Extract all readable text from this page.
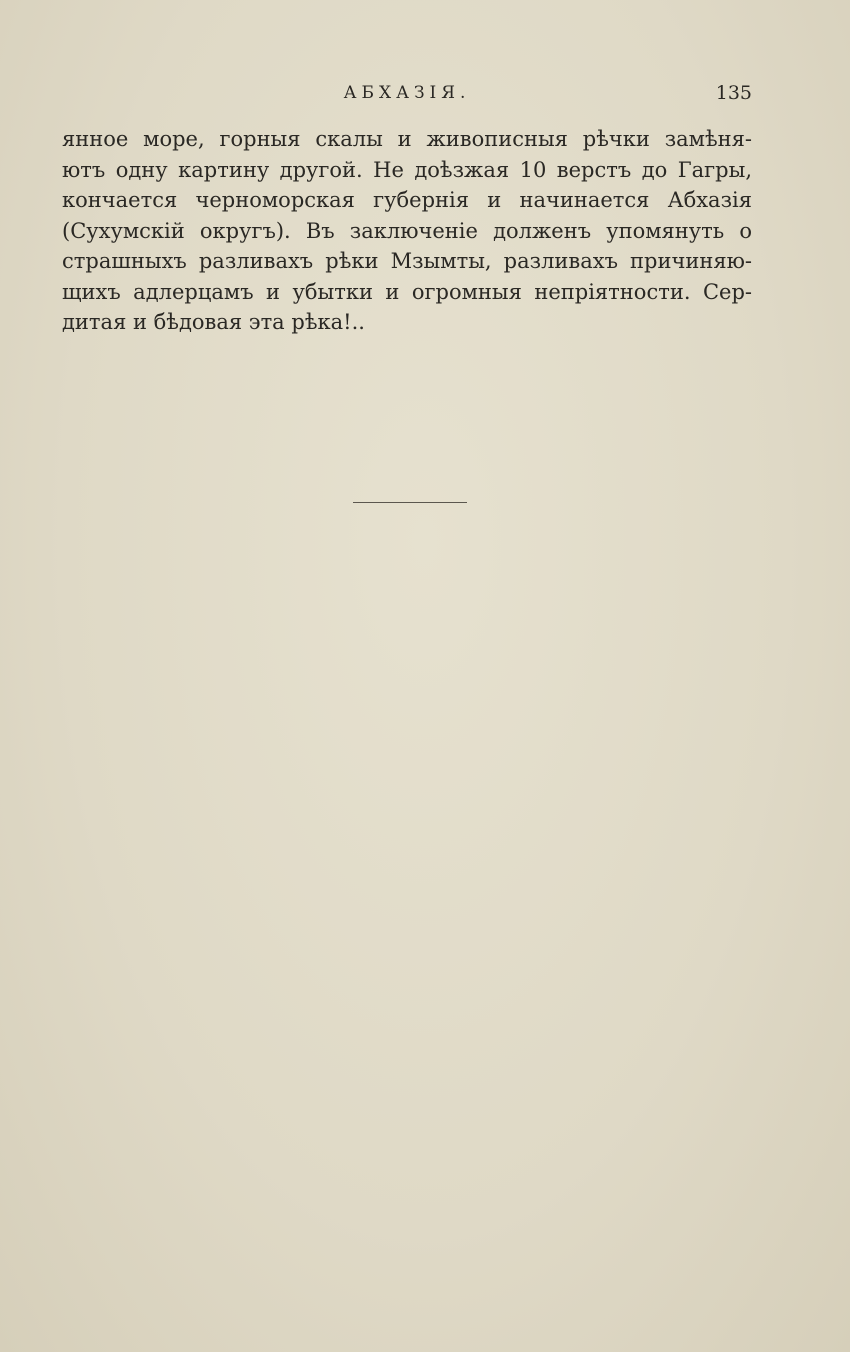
АБХАЗІЯ.	135
янное море, горныя скалы и живописныя рѣчки замѣня-
ютъ одну картину другой. Не доѣзжая 10 верстъ до Гагры,
кончается черноморская губернія и начинается Абхазія
(Сухумскій округъ). Въ заключеніе долженъ упомянуть о
страшныхъ разливахъ рѣки Мзымты, разливахъ причиняю-
щихъ адлерцамъ и убытки и огромныя непріятности. Сер-
дитая и бѣдовая эта рѣка!..
